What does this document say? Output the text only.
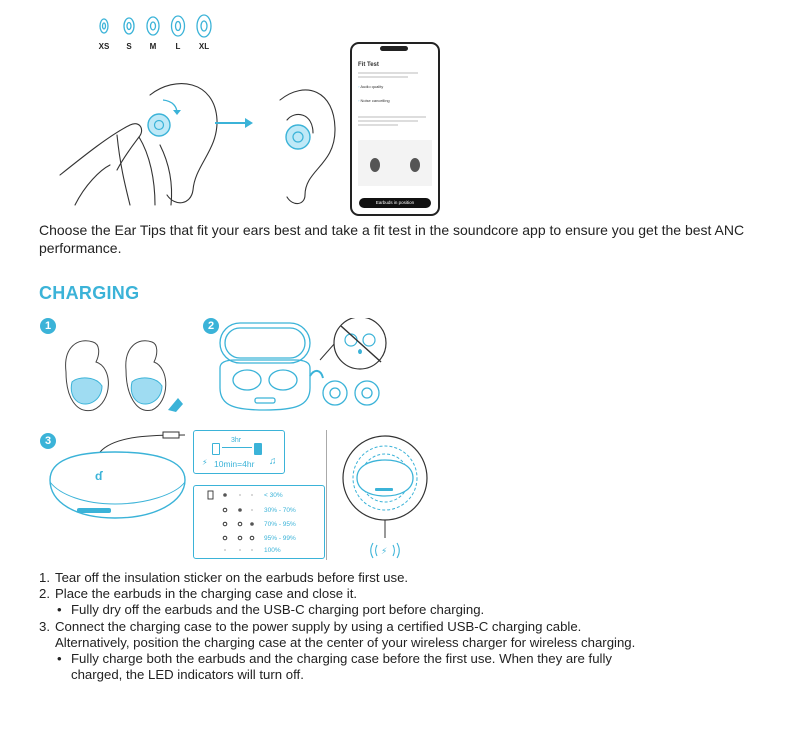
XS	S	M	L	XL
Fit Test
◦ Audio quality
◦ Noise cancelling
Earbuds in position
Choose the Ear Tips that fit your ears best and take a fit test in the soundcore app to ensure you get the best ANC performance.
CHARGING
1	2
3
ɗ
3hr
⚡ 10min=4hr ♫
< 30%
30% - 70%
70% - 95%
95% - 99%
100%	⚡
1. Tear off the insulation sticker on the earbuds before first use.
2. Place the earbuds in the charging case and close it.
• Fully dry off the earbuds and the USB-C charging port before charging.
3. Connect the charging case to the power supply by using a certified USB-C charging cable.
Alternatively, position the charging case at the center of your wireless charger for wireless charging.
• Fully charge both the earbuds and the charging case before the first use. When they are fully
charged, the LED indicators will turn off.
